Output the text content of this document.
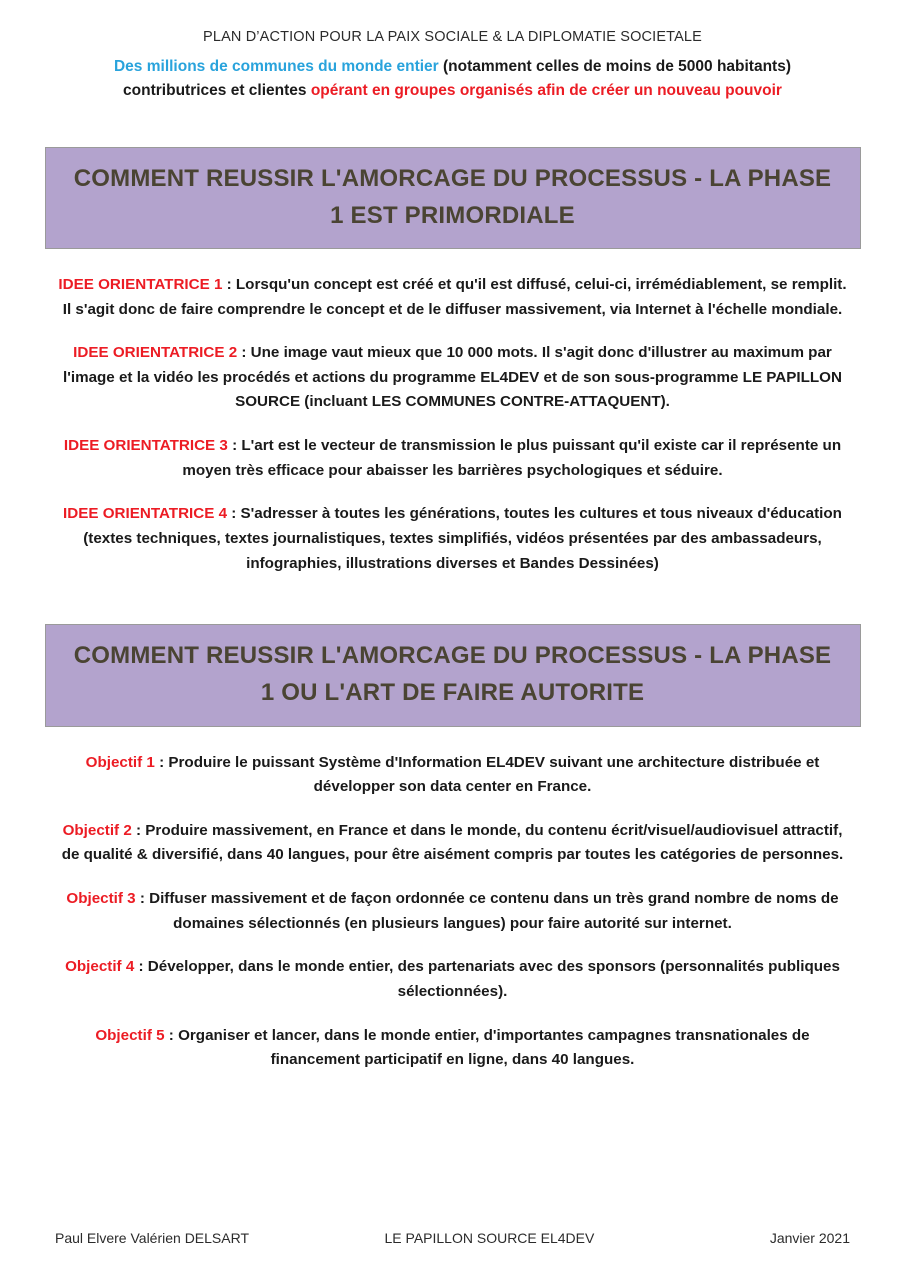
PLAN D’ACTION POUR LA PAIX SOCIALE & LA DIPLOMATIE SOCIETALE
Des millions de communes du monde entier (notamment celles de moins de 5000 habitants)
contributrices et clientes opérant en groupes organisés afin de créer un nouveau pouvoir
COMMENT REUSSIR L'AMORCAGE DU PROCESSUS - LA PHASE
1 EST PRIMORDIALE
IDEE ORIENTATRICE 1 : Lorsqu'un concept est créé et qu'il est diffusé, celui-ci, irrémédiablement, se remplit. Il s'agit donc de faire comprendre le concept et de le diffuser massivement, via Internet à l'échelle mondiale.
IDEE ORIENTATRICE 2 : Une image vaut mieux que 10 000 mots. Il s'agit donc d'illustrer au maximum par l'image et la vidéo les procédés et actions du programme EL4DEV et de son sous-programme LE PAPILLON SOURCE (incluant LES COMMUNES CONTRE-ATTAQUENT).
IDEE ORIENTATRICE 3 : L'art est le vecteur de transmission le plus puissant qu'il existe car il représente un moyen très efficace pour abaisser les barrières psychologiques et séduire.
IDEE ORIENTATRICE 4 : S'adresser à toutes les générations, toutes les cultures et tous niveaux d'éducation (textes techniques, textes journalistiques, textes simplifiés, vidéos présentées par des ambassadeurs, infographies, illustrations diverses et Bandes Dessinées)
COMMENT REUSSIR L'AMORCAGE DU PROCESSUS - LA PHASE
1 OU L'ART DE FAIRE AUTORITE
Objectif 1 : Produire le puissant Système d'Information EL4DEV suivant une architecture distribuée et développer son data center en France.
Objectif 2 : Produire massivement, en France et dans le monde, du contenu écrit/visuel/audiovisuel attractif, de qualité & diversifié, dans 40 langues, pour être aisément compris par toutes les catégories de personnes.
Objectif 3 : Diffuser massivement et de façon ordonnée ce contenu dans un très grand nombre de noms de domaines sélectionnés (en plusieurs langues) pour faire autorité sur internet.
Objectif 4 : Développer, dans le monde entier, des partenariats avec des sponsors (personnalités publiques sélectionnées).
Objectif 5 : Organiser et lancer, dans le monde entier, d'importantes campagnes transnationales de financement participatif en ligne, dans 40 langues.
Paul Elvere Valérien DELSART	LE PAPILLON SOURCE EL4DEV	Janvier 2021
